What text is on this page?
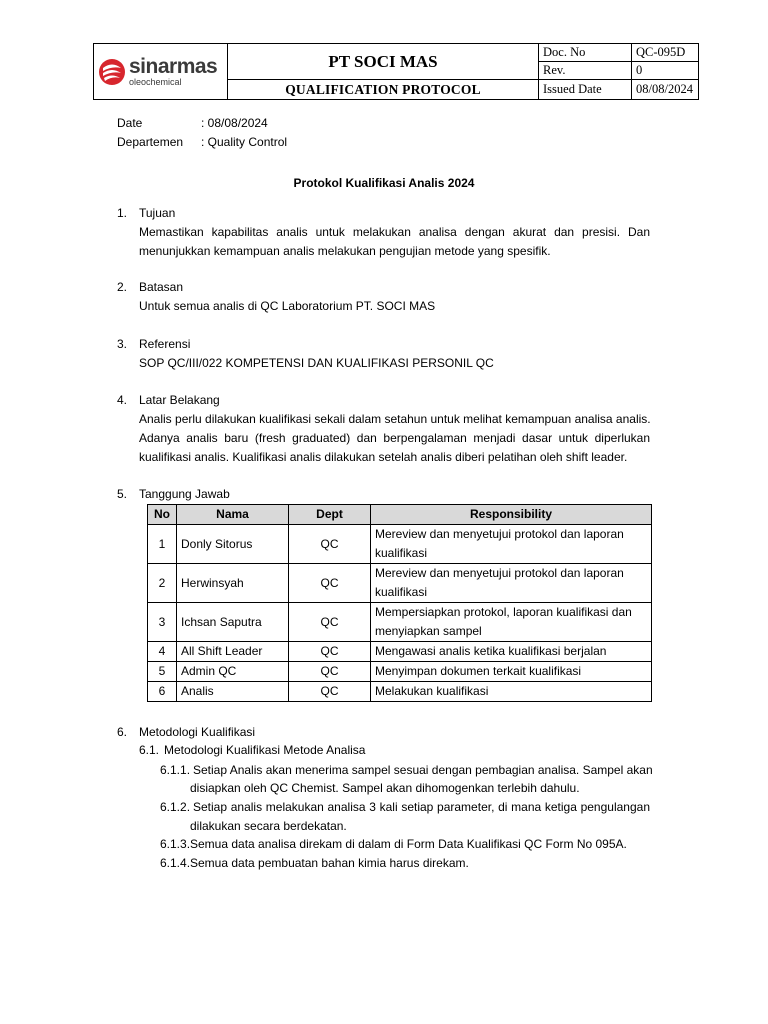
sinarmas
oleochemical	PT SOCI MAS	Doc. No	QC-095D
		Rev.	0
	QUALIFICATION PROTOCOL	Issued Date	08/08/2024
Date	: 08/08/2024
Departemen : Quality Control
Protokol Kualifikasi Analis 2024
1. Tujuan
Memastikan kapabilitas analis untuk melakukan analisa dengan akurat dan presisi. Dan
menunjukkan kemampuan analis melakukan pengujian metode yang spesifik.
2. Batasan
Untuk semua analis di QC Laboratorium PT. SOCI MAS
3. Referensi
SOP QC/III/022 KOMPETENSI DAN KUALIFIKASI PERSONIL QC
4. Latar Belakang
Analis perlu dilakukan kualifikasi sekali dalam setahun untuk melihat kemampuan analisa analis.
Adanya analis baru (fresh graduated) dan berpengalaman menjadi dasar untuk diperlukan
kualifikasi analis. Kualifikasi analis dilakukan setelah analis diberi pelatihan oleh shift leader.
5. Tanggung Jawab
No	Nama	Dept	Responsibility
1	Donly Sitorus	QC	Mereview dan menyetujui protokol dan laporan kualifikasi
2	Herwinsyah	QC	Mereview dan menyetujui protokol dan laporan kualifikasi
3	Ichsan Saputra	QC	Mempersiapkan protokol, laporan kualifikasi dan menyiapkan sampel
4	All Shift Leader	QC	Mengawasi analis ketika kualifikasi berjalan
5	Admin QC	QC	Menyimpan dokumen terkait kualifikasi
6	Analis	QC	Melakukan kualifikasi
6. Metodologi Kualifikasi
6.1. Metodologi Kualifikasi Metode Analisa
6.1.1. Setiap Analis akan menerima sampel sesuai dengan pembagian analisa. Sampel akan
disiapkan oleh QC Chemist. Sampel akan dihomogenkan terlebih dahulu.
6.1.2. Setiap analis melakukan analisa 3 kali setiap parameter, di mana ketiga pengulangan
dilakukan secara berdekatan.
6.1.3. Semua data analisa direkam di dalam di Form Data Kualifikasi QC Form No 095A.
6.1.4. Semua data pembuatan bahan kimia harus direkam.
